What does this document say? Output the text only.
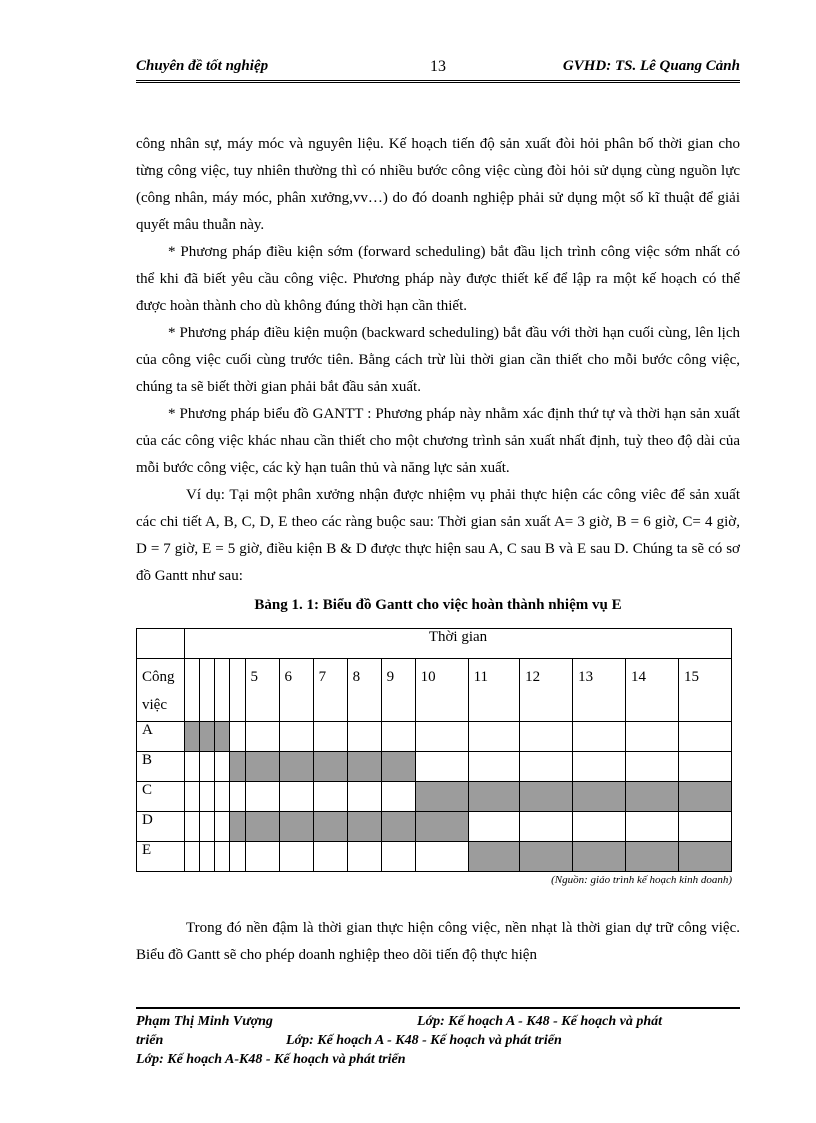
Chuyên đề tốt nghiệp	13	GVHD: TS. Lê Quang Cảnh

công nhân sự, máy móc và nguyên liệu. Kế hoạch tiến độ sản xuất đòi hỏi phân bố thời gian cho từng công việc, tuy nhiên thường thì có nhiều bước công việc cùng đòi hỏi sử dụng cùng nguồn lực (công nhân, máy móc, phân xưởng,vv…) do đó doanh nghiệp phải sử dụng một số kĩ thuật để giải quyết mâu thuẫn này.

* Phương pháp điều kiện sớm (forward scheduling) bắt đầu lịch trình công việc sớm nhất có thể khi đã biết yêu cầu công việc. Phương pháp này được thiết kế để lập ra một kế hoạch có thể được hoàn thành cho dù không đúng thời hạn cần thiết.

* Phương pháp điều kiện muộn (backward scheduling) bắt đầu với thời hạn cuối cùng, lên lịch của công việc cuối cùng trước tiên. Bằng cách trừ lùi thời gian cần thiết cho mỗi bước công việc, chúng ta sẽ biết thời gian phải bắt đầu sản xuất.

* Phương pháp biểu đồ GANTT : Phương pháp này nhằm xác định thứ tự và thời hạn sản xuất của các công việc khác nhau cần thiết cho một chương trình sản xuất nhất định, tuỳ theo độ dài của mỗi bước công việc, các kỳ hạn tuân thủ và năng lực sản xuất.

Ví dụ: Tại một phân xưởng nhận được nhiệm vụ phải thực hiện các công viêc để sản xuất các chi tiết A, B, C, D, E theo các ràng buộc sau: Thời gian sản xuất A= 3 giờ, B = 6 giờ, C= 4 giờ, D = 7 giờ, E = 5 giờ, điều kiện B & D được thực hiện sau A, C sau B và E sau D. Chúng ta sẽ có sơ đồ Gantt như sau:

Bảng 1. 1: Biểu đồ Gantt cho việc hoàn thành nhiệm vụ E
	Thời gian														
Công việc					5	6	7	8	9	10	11	12	13	14	15
A															
B															
C															
D															
E															
(Nguồn: giáo trình kế hoạch kinh doanh)

Trong đó nền đậm là thời gian thực hiện công việc, nền nhạt là thời gian dự trữ công việc. Biểu đồ Gantt sẽ cho phép doanh nghiệp theo dõi tiến độ thực hiện

Phạm Thị Minh Vượng	Lớp: Kế hoạch A - K48 - Kế hoạch và phát
triển	Lớp: Kế hoạch A - K48 - Kế hoạch và phát triển
Lớp: Kế hoạch A-K48 - Kế hoạch và phát triển
